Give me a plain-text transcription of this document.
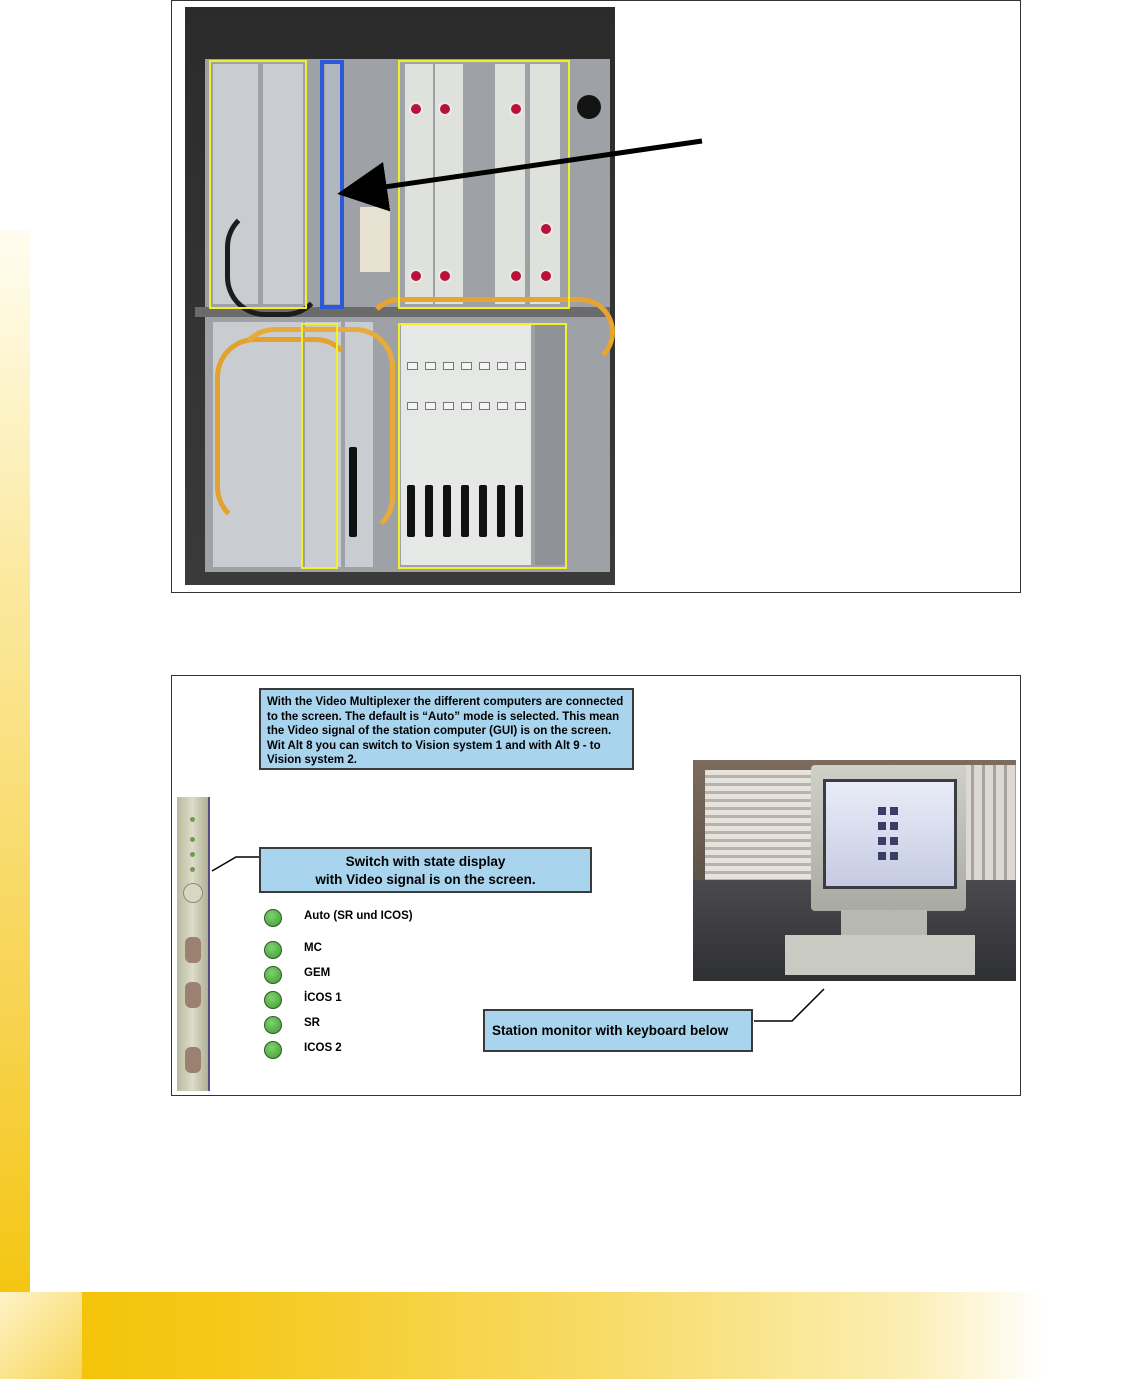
With the Video Multiplexer the different computers are connected to the screen. The default is “Auto” mode is selected. This mean the Video signal of the station computer (GUI) is on the screen. Wit Alt 8 you can switch to Vision system 1 and with Alt 9 - to Vision system 2.
Switch with state display
with Video signal is on the screen.
Auto (SR und ICOS)
MC
GEM
İCOS 1
SR
ICOS 2
Station monitor with keyboard below
